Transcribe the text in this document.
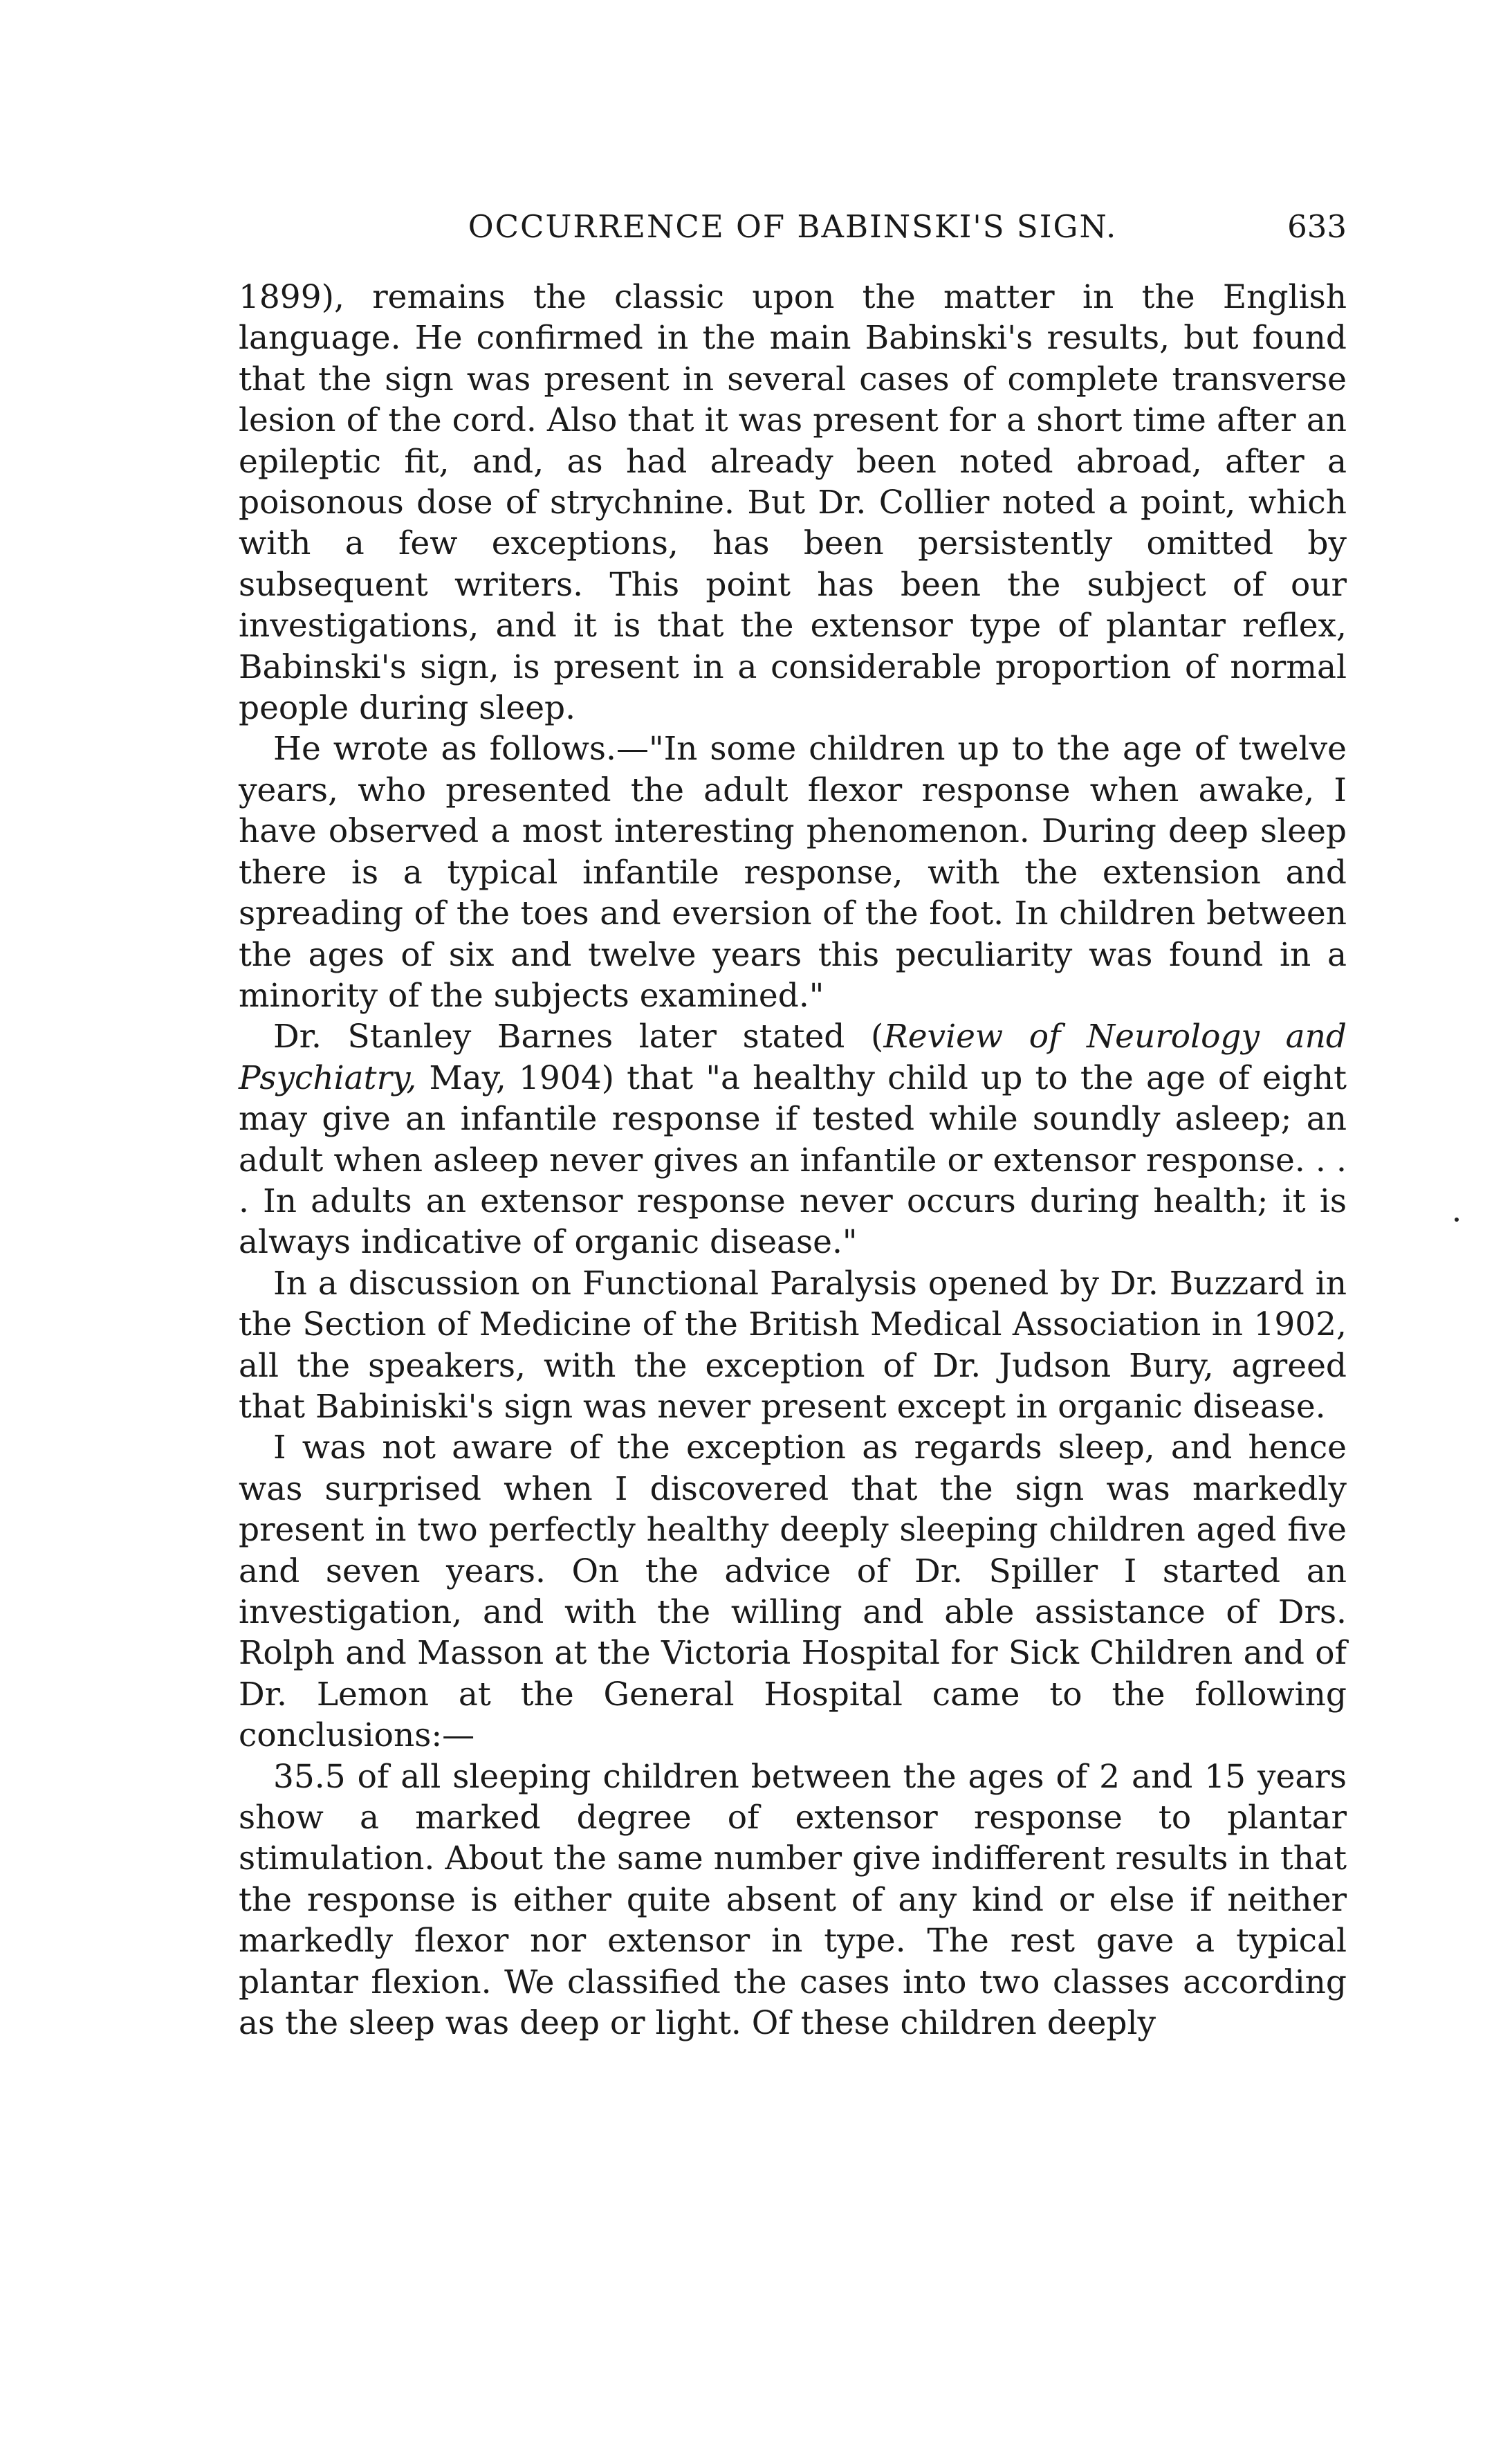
OCCURRENCE OF BABINSKI'S SIGN.	633

1899), remains the classic upon the matter in the English language. He confirmed in the main Babinski's results, but found that the sign was present in several cases of complete transverse lesion of the cord. Also that it was present for a short time after an epileptic fit, and, as had already been noted abroad, after a poisonous dose of strychnine. But Dr. Collier noted a point, which with a few exceptions, has been persistently omitted by subsequent writers. This point has been the subject of our investigations, and it is that the extensor type of plantar reflex, Babinski's sign, is present in a considerable proportion of normal people during sleep.

He wrote as follows.—"In some children up to the age of twelve years, who presented the adult flexor response when awake, I have observed a most interesting phenomenon. During deep sleep there is a typical infantile response, with the extension and spreading of the toes and eversion of the foot. In children between the ages of six and twelve years this peculiarity was found in a minority of the subjects examined."

Dr. Stanley Barnes later stated (Review of Neurology and Psychiatry, May, 1904) that "a healthy child up to the age of eight may give an infantile response if tested while soundly asleep; an adult when asleep never gives an infantile or extensor response. . . . In adults an extensor response never occurs during health; it is always indicative of organic disease."

In a discussion on Functional Paralysis opened by Dr. Buzzard in the Section of Medicine of the British Medical Association in 1902, all the speakers, with the exception of Dr. Judson Bury, agreed that Babiniski's sign was never present except in organic disease.

I was not aware of the exception as regards sleep, and hence was surprised when I discovered that the sign was markedly present in two perfectly healthy deeply sleeping children aged five and seven years. On the advice of Dr. Spiller I started an investigation, and with the willing and able assistance of Drs. Rolph and Masson at the Victoria Hospital for Sick Children and of Dr. Lemon at the General Hospital came to the following conclusions:—

35.5 of all sleeping children between the ages of 2 and 15 years show a marked degree of extensor response to plantar stimulation. About the same number give indifferent results in that the response is either quite absent of any kind or else if neither markedly flexor nor extensor in type. The rest gave a typical plantar flexion. We classified the cases into two classes according as the sleep was deep or light. Of these children deeply
